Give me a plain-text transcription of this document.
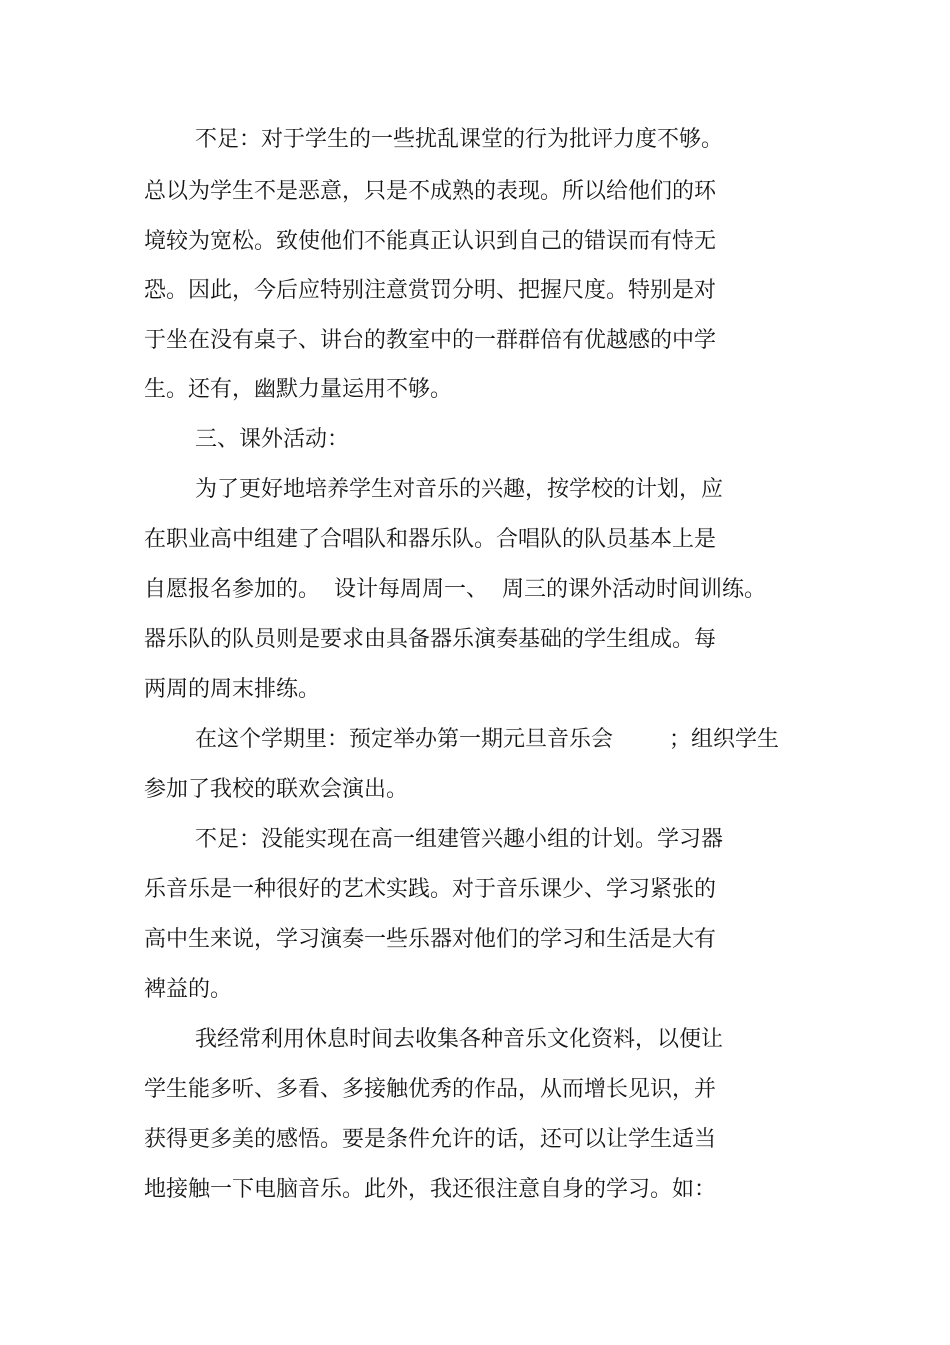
不足：对于学生的一些扰乱课堂的行为批评力度不够。
总以为学生不是恶意，只是不成熟的表现。所以给他们的环
境较为宽松。致使他们不能真正认识到自己的错误而有恃无
恐。因此，今后应特别注意赏罚分明、把握尺度。特别是对
于坐在没有桌子、讲台的教室中的一群群倍有优越感的中学
生。还有，幽默力量运用不够。
三、课外活动：
为了更好地培养学生对音乐的兴趣，按学校的计划，应
在职业高中组建了合唱队和器乐队。合唱队的队员基本上是
自愿报名参加的。  设计每周周一、  周三的课外活动时间训练。
器乐队的队员则是要求由具备器乐演奏基础的学生组成。每
两周的周末排练。
在这个学期里：预定举办第一期元旦音乐会        ；组织学生
参加了我校的联欢会演出。
不足：没能实现在高一组建管兴趣小组的计划。学习器
乐音乐是一种很好的艺术实践。对于音乐课少、学习紧张的
高中生来说，学习演奏一些乐器对他们的学习和生活是大有
裨益的。
我经常利用休息时间去收集各种音乐文化资料，以便让
学生能多听、多看、多接触优秀的作品，从而增长见识，并
获得更多美的感悟。要是条件允许的话，还可以让学生适当
地接触一下电脑音乐。此外，我还很注意自身的学习。如：
